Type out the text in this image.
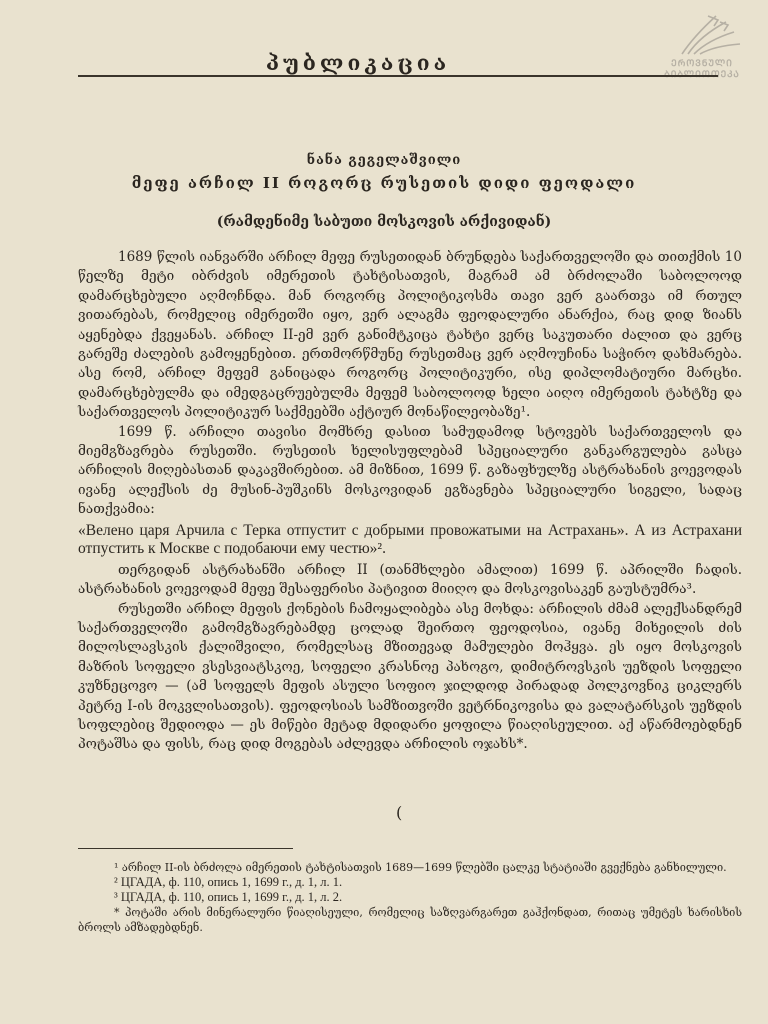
ᲔᲠᲝᲕᲜᲣᲚᲘ
ᲑᲘᲑᲚᲘᲝᲗᲔᲙᲐ
პუბლიკაცია
ნანა გეგელაშვილი
მეფე არჩილ II როგორც რუსეთის დიდი ფეოდალი
(რამდენიმე საბუთი მოსკოვის არქივიდან)

1689 წლის იანვარში არჩილ მეფე რუსეთიდან ბრუნდება საქართველოში და თითქმის 10 წელზე მეტი იბრძვის იმერეთის ტახტისათვის, მაგრამ ამ ბრძოლაში საბოლოოდ დამარცხებული აღმოჩნდა. მან როგორც პოლიტიკოსმა თავი ვერ გაართვა იმ რთულ ვითარებას, რომელიც იმერეთში იყო, ვერ ალაგმა ფეოდალური ანარქია, რაც დიდ ზიანს აყენებდა ქვეყანას. არჩილ II-ემ ვერ განიმტკიცა ტახტი ვერც საკუთარი ძალით და ვერც გარეშე ძალების გამოყენებით. ერთმორწმუნე რუსეთმაც ვერ აღმოუჩინა საჭირო დახმარება. ასე რომ, არჩილ მეფემ განიცადა როგორც პოლიტიკური, ისე დიპლომატიური მარცხი. დამარცხებულმა და იმედგაცრუებულმა მეფემ საბოლოოდ ხელი აიღო იმერეთის ტახტზე და საქართველოს პოლიტიკურ საქმეებში აქტიურ მონაწილეობაზე¹.

1699 წ. არჩილი თავისი მომხრე დასით სამუდამოდ სტოვებს საქართველოს და მიემგზავრება რუსეთში. რუსეთის ხელისუფლებამ სპეციალური განკარგულება გასცა არჩილის მიღებასთან დაკავშირებით. ამ მიზნით, 1699 წ. გაზაფხულზე ასტრახანის ვოევოდას ივანე ალექსის ძე მუსინ-პუშკინს მოსკოვიდან ეგზავნება სპეციალური სიგელი, სადაც ნათქვამია:

«Велено царя Арчила с Терка отпустит с добрыми провожатыми на Астрахань». А из Астрахани отпустить к Москве с подобаючи ему честю»².

თერგიდან ასტრახანში არჩილ II (თანმხლები ამალით) 1699 წ. აპრილში ჩადის. ასტრახანის ვოევოდამ მეფე შესაფერისი პატივით მიიღო და მოსკოვისაკენ გაუსტუმრა³.

რუსეთში არჩილ მეფის ქონების ჩამოყალიბება ასე მოხდა: არჩილის ძმამ ალექსანდრემ საქართველოში გამომგზავრებამდე ცოლად შეირთო ფეოდოსია, ივანე მიხეილის ძის მილოსლავსკის ქალიშვილი, რომელსაც მზითევად მამულები მოჰყვა. ეს იყო მოსკოვის მაზრის სოფელი ვსესვიატსკოე, სოფელი კრასნოე პახოგო, დიმიტროვსკის უეზდის სოფელი კუზნეცოვო — (ამ სოფელს მეფის ასული სოფიო ჯილდოდ პირადად პოლკოვნიკ ციკლერს პეტრე I-ის მოკვლისათვის). ფეოდოსიას სამზითვოში ვეტრნიკოვისა და ვალატარსკის უეზდის სოფლებიც შედიოდა — ეს მიწები მეტად მდიდარი ყოფილა წიაღისეულით. აქ აწარმოებდნენ პოტაშსა და ფისს, რაც დიდ მოგებას აძლევდა არჩილის ოჯახს*.

(

¹ არჩილ II-ის ბრძოლა იმერეთის ტახტისათვის 1689—1699 წლებში ცალკე სტატიაში გვექნება განხილული.

² ЦГАДА, ф. 110, опись 1, 1699 г., д. 1, л. 1.

³ ЦГАДА, ф. 110, опись 1, 1699 г., д. 1, л. 2.

* პოტაში არის მინერალური წიაღისეული, რომელიც საზღვარგარეთ გაჰქონდათ, რითაც უმეტეს ხარისხის ბროლს ამზადებდნენ.
